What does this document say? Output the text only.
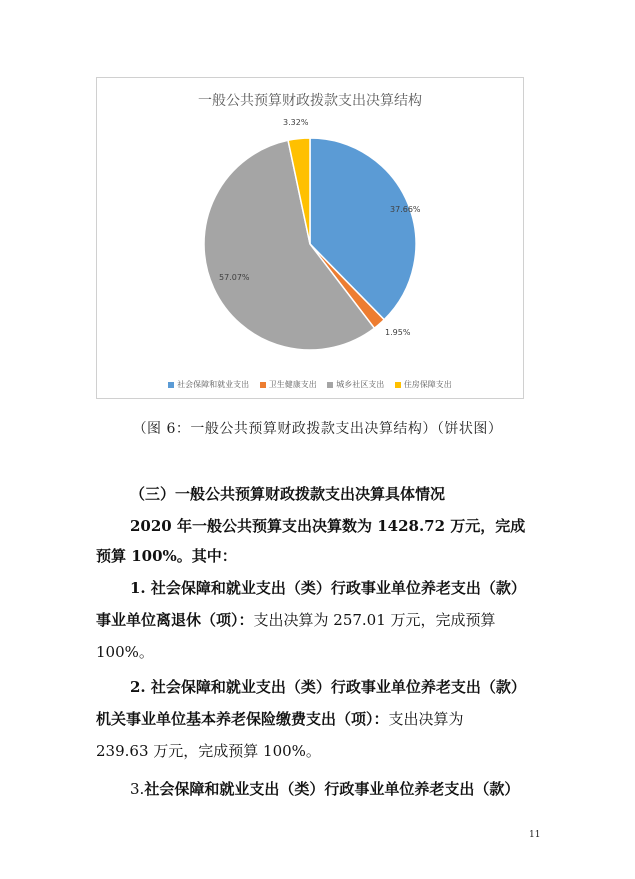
一般公共预算财政拨款支出决算结构
37.66%
1.95%
57.07%
3.32%
社会保障和就业支出 卫生健康支出 城乡社区支出 住房保障支出
（图 6：一般公共预算财政拨款支出决算结构）（饼状图）
（三）一般公共预算财政拨款支出决算具体情况
2020 年一般公共预算支出决算数为 1428.72 万元，完成
预算 100%。其中：
1. 社会保障和就业支出（类）行政事业单位养老支出（款）
事业单位离退休（项）：支出决算为 257.01 万元，完成预算
100%。
2. 社会保障和就业支出（类）行政事业单位养老支出（款）
机关事业单位基本养老保险缴费支出（项）：支出决算为
239.63 万元，完成预算 100%。
3.社会保障和就业支出（类）行政事业单位养老支出（款）
11
